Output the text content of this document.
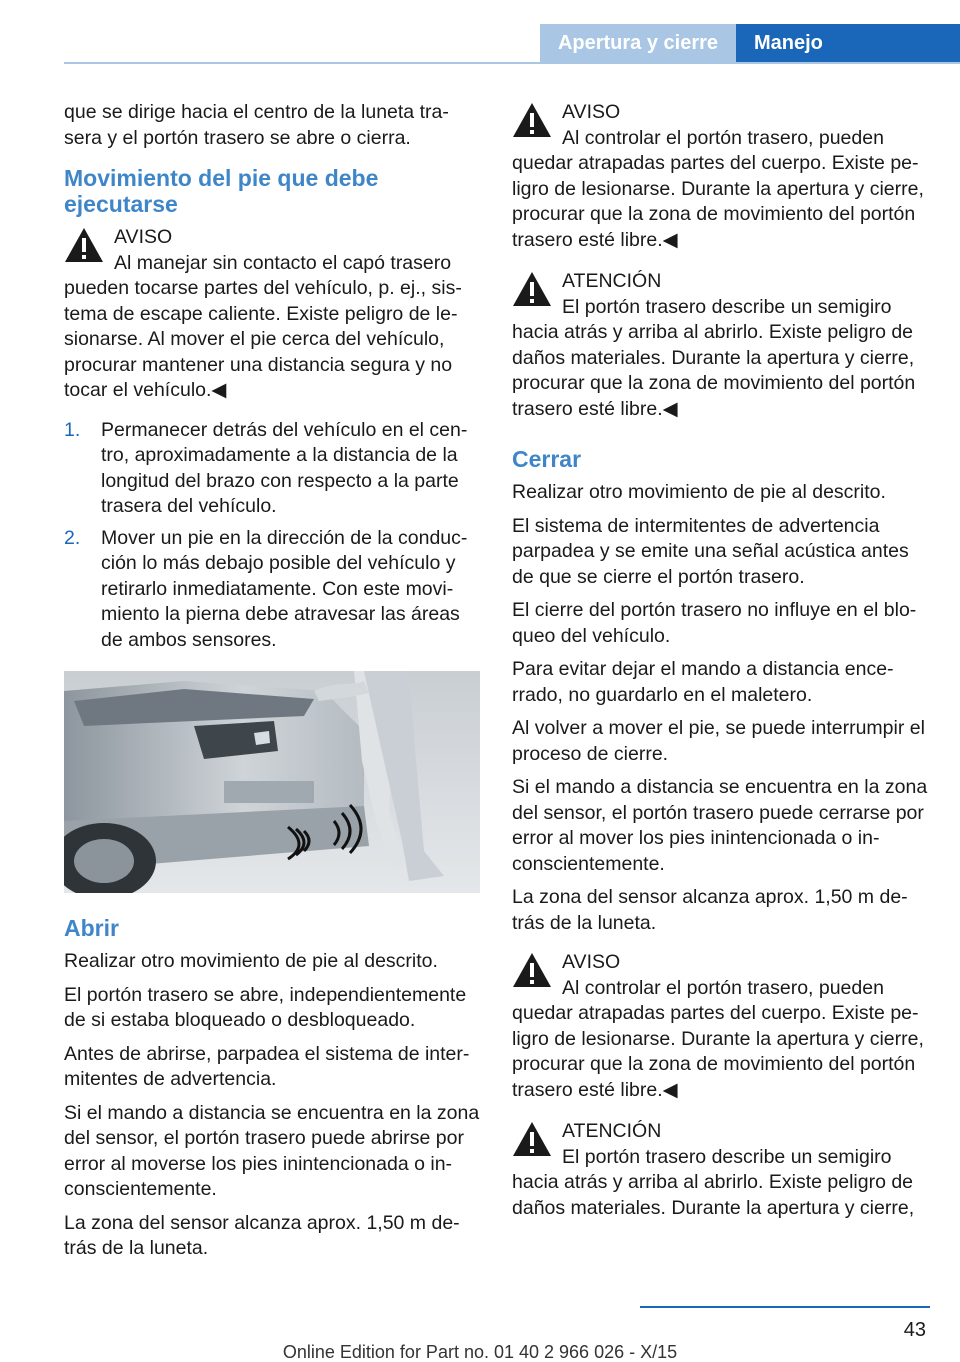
Apertura y cierre	Manejo

que se dirige hacia el centro de la luneta tra-sera y el portón trasero se abre o cierra.

Movimiento del pie que debe ejecutarse
AVISO
Al manejar sin contacto el capó trasero pueden tocarse partes del vehículo, p. ej., sis-tema de escape caliente. Existe peligro de le-sionarse. Al mover el pie cerca del vehículo, procurar mantener una distancia segura y no tocar el vehículo.◀
1. Permanecer detrás del vehículo en el cen-tro, aproximadamente a la distancia de la longitud del brazo con respecto a la parte trasera del vehículo.
2. Mover un pie en la dirección de la conduc-ción lo más debajo posible del vehículo y retirarlo inmediatamente. Con este movi-miento la pierna debe atravesar las áreas de ambos sensores.
Abrir

Realizar otro movimiento de pie al descrito.

El portón trasero se abre, independientemente de si estaba bloqueado o desbloqueado.

Antes de abrirse, parpadea el sistema de inter-mitentes de advertencia.

Si el mando a distancia se encuentra en la zona del sensor, el portón trasero puede abrirse por error al moverse los pies inintencionada o in-conscientemente.

La zona del sensor alcanza aprox. 1,50 m de-trás de la luneta.

AVISO
Al controlar el portón trasero, pueden quedar atrapadas partes del cuerpo. Existe pe-ligro de lesionarse. Durante la apertura y cierre, procurar que la zona de movimiento del portón trasero esté libre.◀
ATENCIÓN
El portón trasero describe un semigiro hacia atrás y arriba al abrirlo. Existe peligro de daños materiales. Durante la apertura y cierre, procurar que la zona de movimiento del portón trasero esté libre.◀
Cerrar

Realizar otro movimiento de pie al descrito.

El sistema de intermitentes de advertencia parpadea y se emite una señal acústica antes de que se cierre el portón trasero.

El cierre del portón trasero no influye en el blo-queo del vehículo.

Para evitar dejar el mando a distancia ence-rrado, no guardarlo en el maletero.

Al volver a mover el pie, se puede interrumpir el proceso de cierre.

Si el mando a distancia se encuentra en la zona del sensor, el portón trasero puede cerrarse por error al mover los pies inintencionada o in-conscientemente.

La zona del sensor alcanza aprox. 1,50 m de-trás de la luneta.

AVISO
Al controlar el portón trasero, pueden quedar atrapadas partes del cuerpo. Existe pe-ligro de lesionarse. Durante la apertura y cierre, procurar que la zona de movimiento del portón trasero esté libre.◀
ATENCIÓN
El portón trasero describe un semigiro hacia atrás y arriba al abrirlo. Existe peligro de daños materiales. Durante la apertura y cierre,
43
Online Edition for Part no. 01 40 2 966 026 - X/15
